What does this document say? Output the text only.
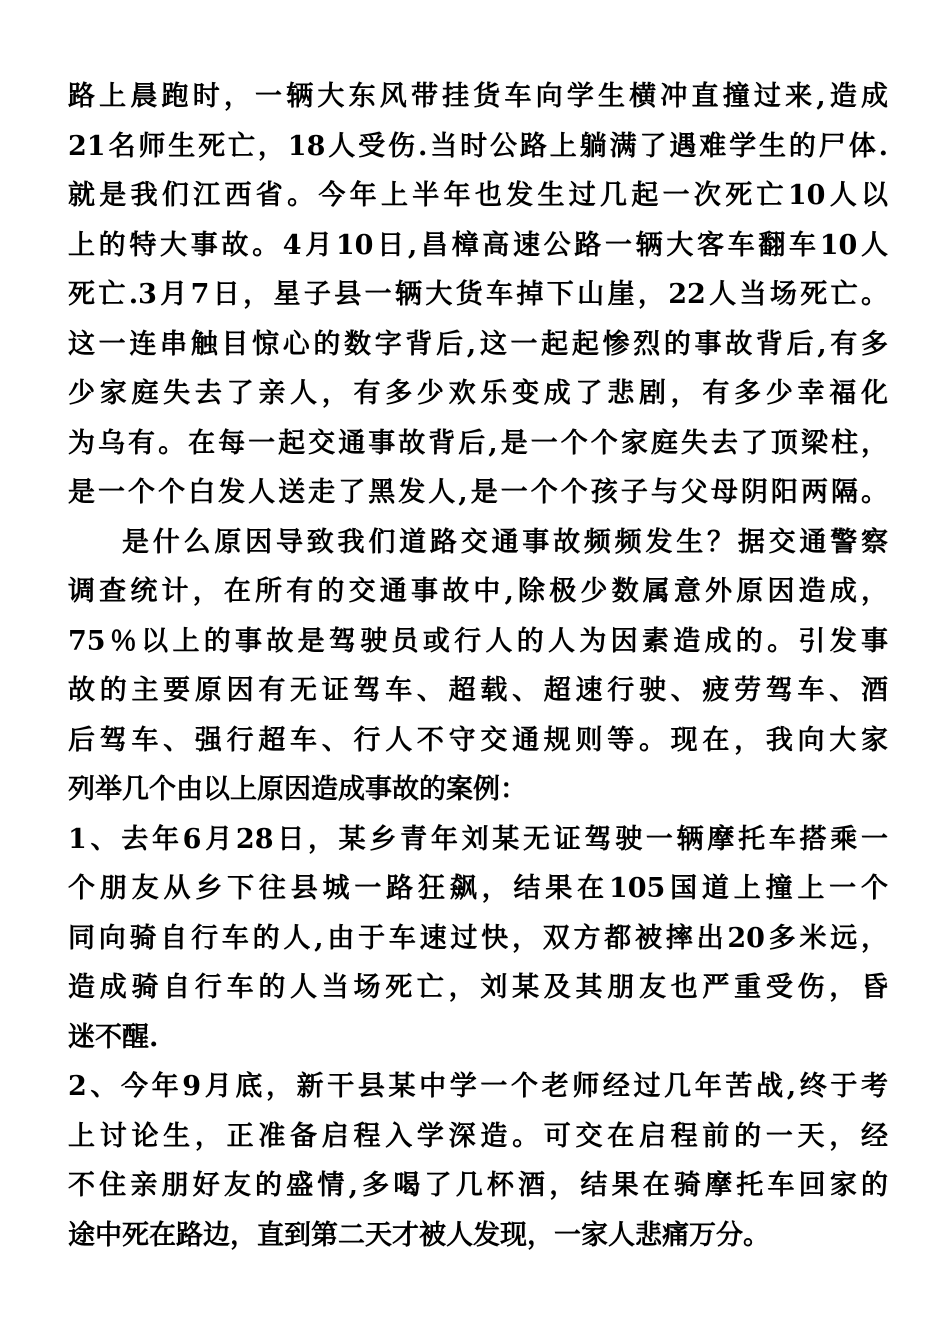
路上晨跑时，一辆大东风带挂货车向学生横冲直撞过来,造成
21名师生死亡，18人受伤.当时公路上躺满了遇难学生的尸体.
就是我们江西省。今年上半年也发生过几起一次死亡10人以
上的特大事故。4月10日,昌樟高速公路一辆大客车翻车10人
死亡.3月7日，星子县一辆大货车掉下山崖，22人当场死亡。
这一连串触目惊心的数字背后,这一起起惨烈的事故背后,有多
少家庭失去了亲人，有多少欢乐变成了悲剧，有多少幸福化
为乌有。在每一起交通事故背后,是一个个家庭失去了顶梁柱，
是一个个白发人送走了黑发人,是一个个孩子与父母阴阳两隔。
是什么原因导致我们道路交通事故频频发生？据交通警察
调查统计，在所有的交通事故中,除极少数属意外原因造成，
75％以上的事故是驾驶员或行人的人为因素造成的。引发事
故的主要原因有无证驾车、超载、超速行驶、疲劳驾车、酒
后驾车、强行超车、行人不守交通规则等。现在，我向大家
列举几个由以上原因造成事故的案例：
1、去年6月28日，某乡青年刘某无证驾驶一辆摩托车搭乘一
个朋友从乡下往县城一路狂飙，结果在105国道上撞上一个
同向骑自行车的人,由于车速过快，双方都被摔出20多米远，
造成骑自行车的人当场死亡，刘某及其朋友也严重受伤，昏
迷不醒.
2、今年9月底，新干县某中学一个老师经过几年苦战,终于考
上讨论生，正准备启程入学深造。可交在启程前的一天，经
不住亲朋好友的盛情,多喝了几杯酒，结果在骑摩托车回家的
途中死在路边，直到第二天才被人发现，一家人悲痛万分。
